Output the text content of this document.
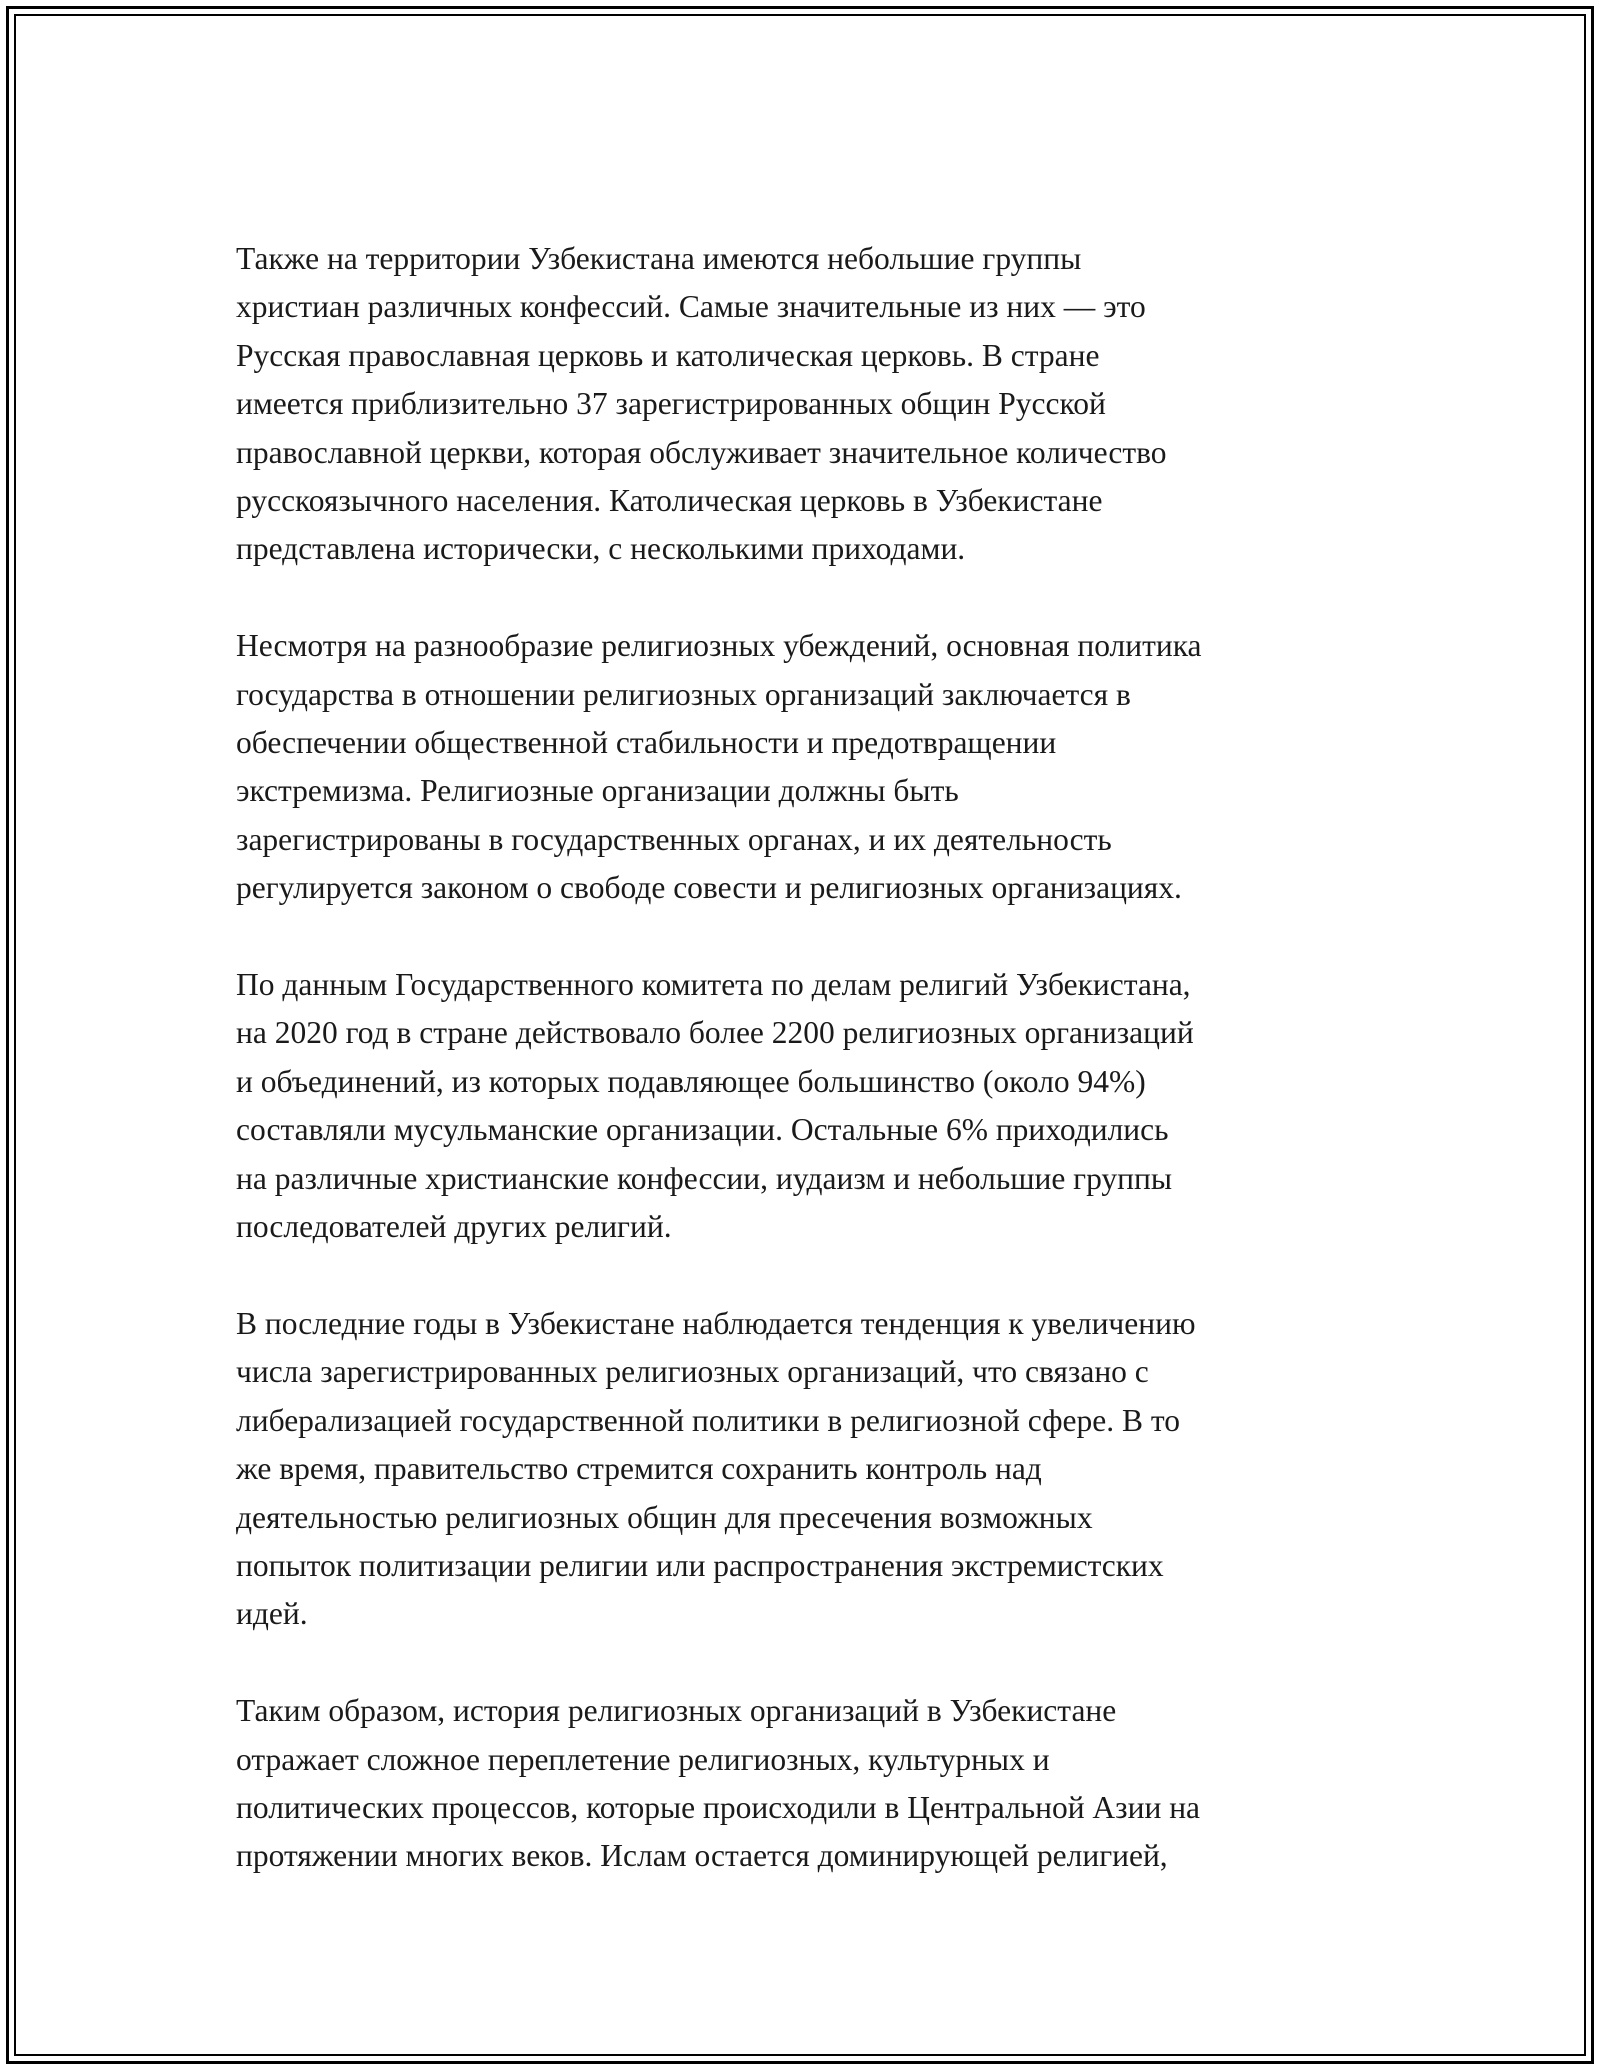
Также на территории Узбекистана имеются небольшие группы
христиан различных конфессий. Самые значительные из них — это
Русская православная церковь и католическая церковь. В стране
имеется приблизительно 37 зарегистрированных общин Русской
православной церкви, которая обслуживает значительное количество
русскоязычного населения. Католическая церковь в Узбекистане
представлена исторически, с несколькими приходами.

Несмотря на разнообразие религиозных убеждений, основная политика
государства в отношении религиозных организаций заключается в
обеспечении общественной стабильности и предотвращении
экстремизма. Религиозные организации должны быть
зарегистрированы в государственных органах, и их деятельность
регулируется законом о свободе совести и религиозных организациях.

По данным Государственного комитета по делам религий Узбекистана,
на 2020 год в стране действовало более 2200 религиозных организаций
и объединений, из которых подавляющее большинство (около 94%)
составляли мусульманские организации. Остальные 6% приходились
на различные христианские конфессии, иудаизм и небольшие группы
последователей других религий.

В последние годы в Узбекистане наблюдается тенденция к увеличению
числа зарегистрированных религиозных организаций, что связано с
либерализацией государственной политики в религиозной сфере. В то
же время, правительство стремится сохранить контроль над
деятельностью религиозных общин для пресечения возможных
попыток политизации религии или распространения экстремистских
идей.

Таким образом, история религиозных организаций в Узбекистане
отражает сложное переплетение религиозных, культурных и
политических процессов, которые происходили в Центральной Азии на
протяжении многих веков. Ислам остается доминирующей религией,
